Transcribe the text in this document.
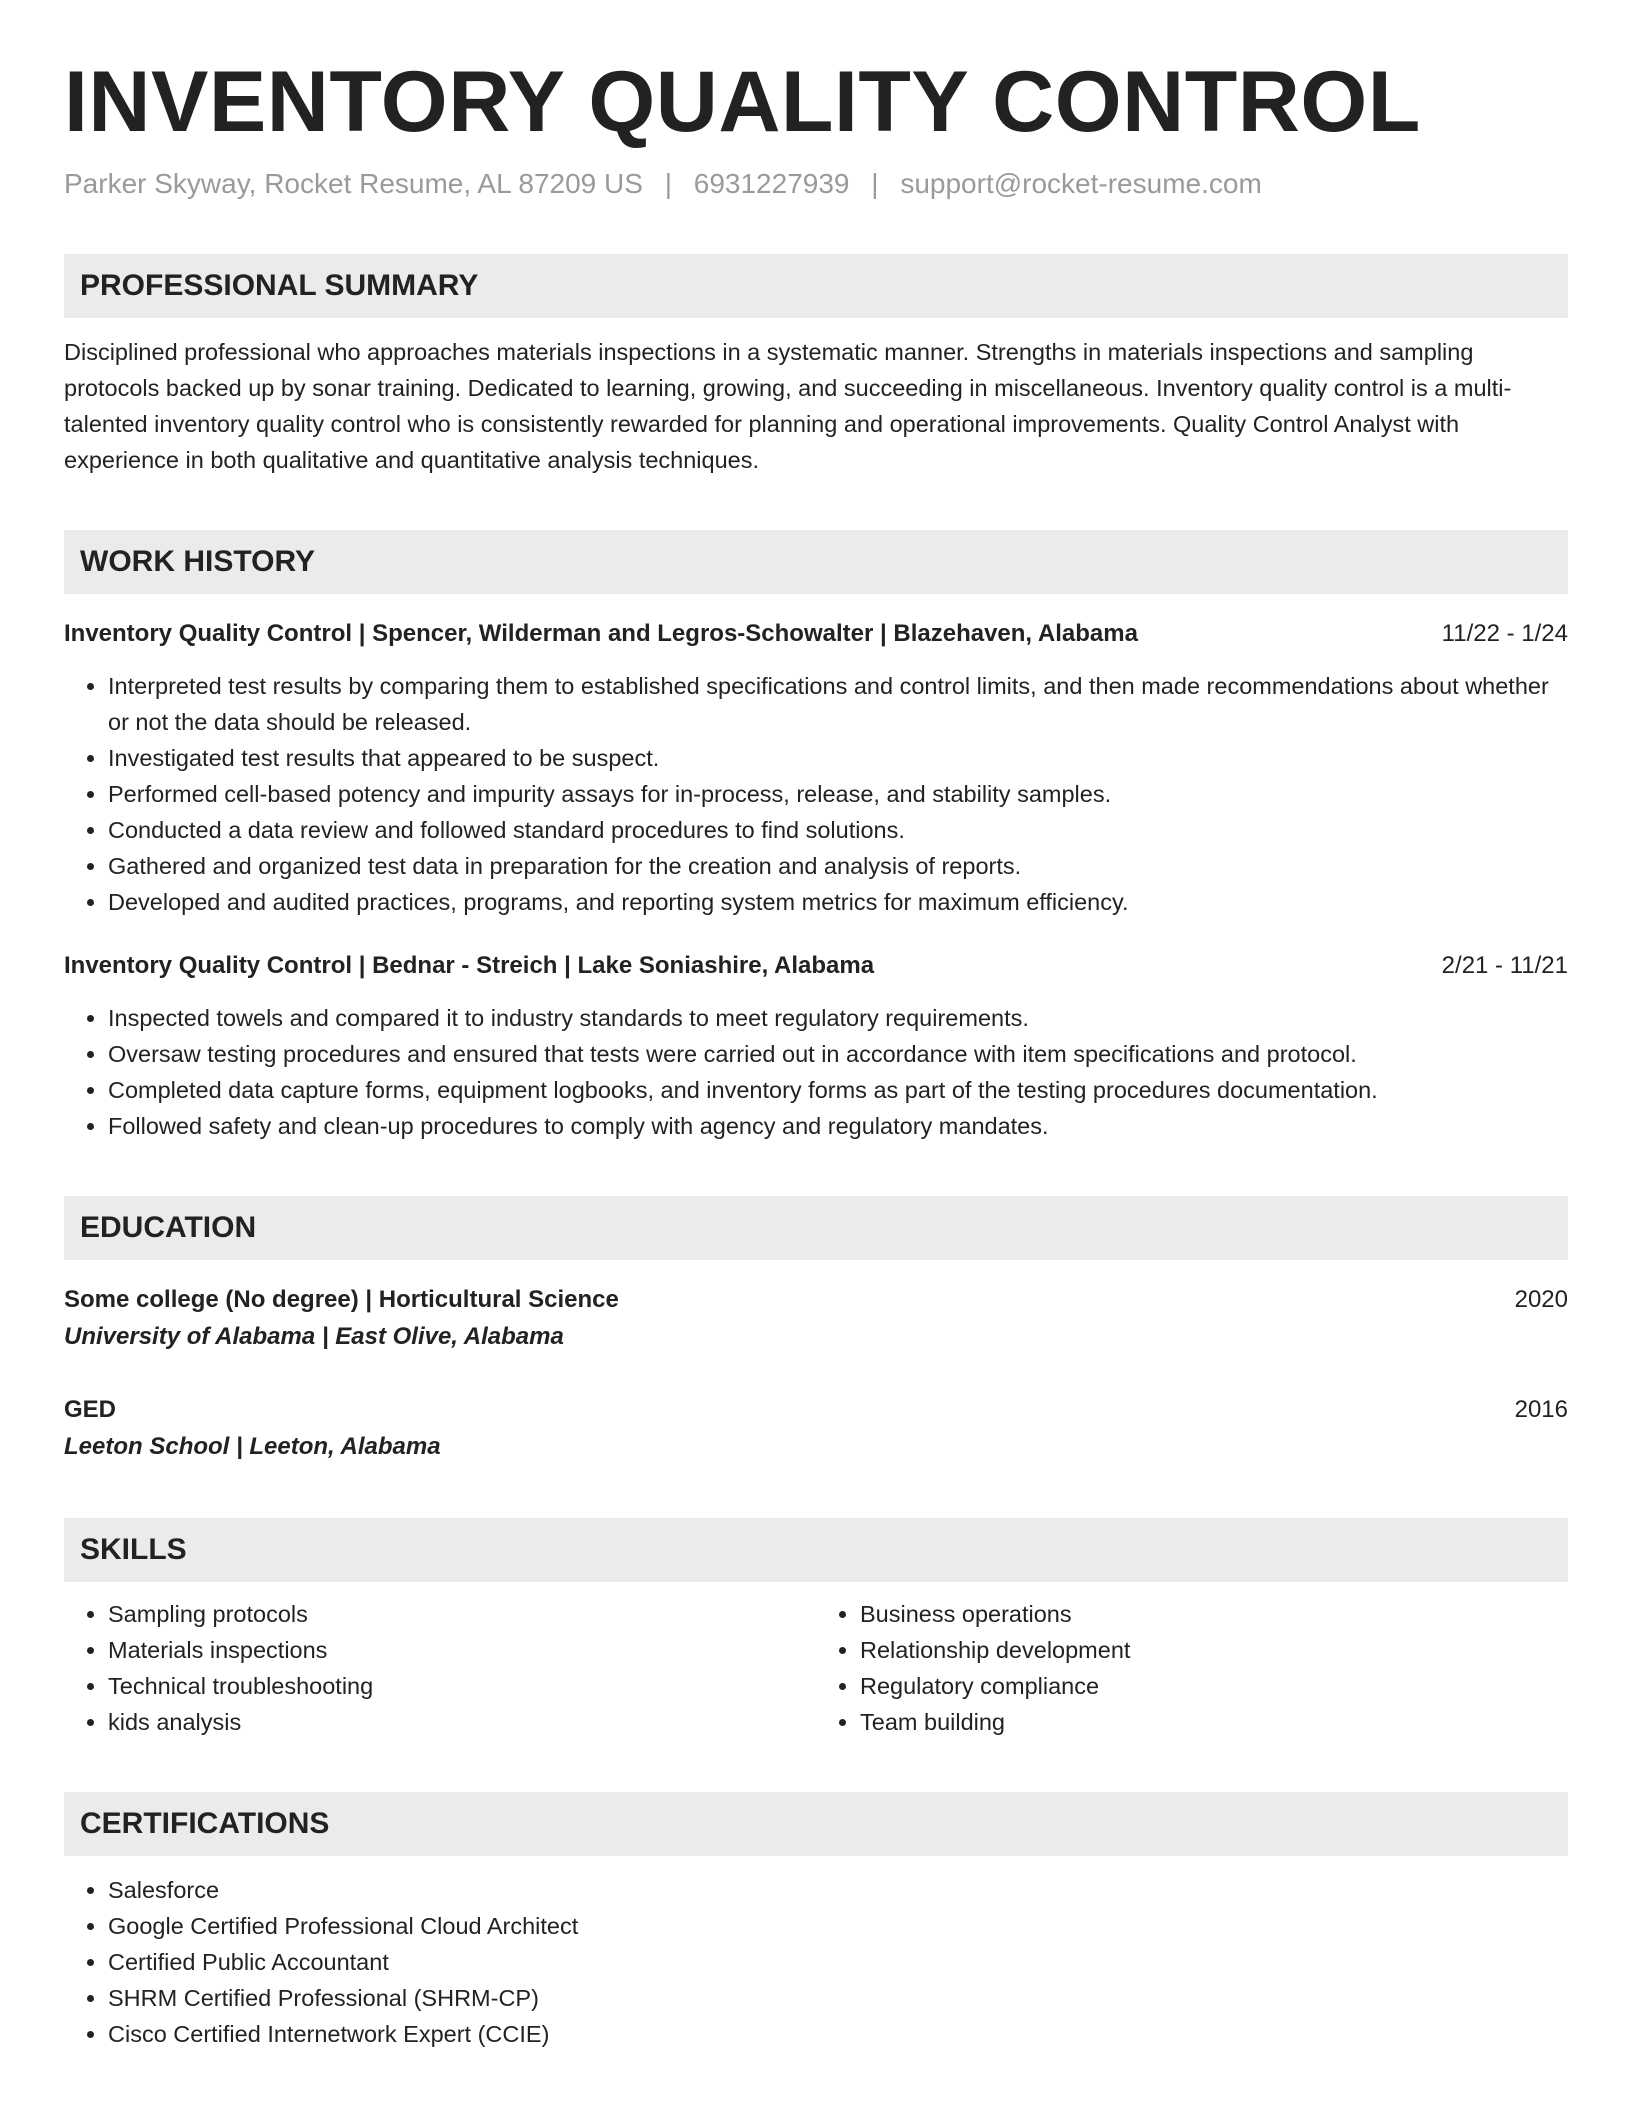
INVENTORY QUALITY CONTROL
Parker Skyway, Rocket Resume, AL 87209 US | 6931227939 | support@rocket-resume.com
PROFESSIONAL SUMMARY

Disciplined professional who approaches materials inspections in a systematic manner. Strengths in materials inspections and sampling protocols backed up by sonar training. Dedicated to learning, growing, and succeeding in miscellaneous. Inventory quality control is a multi-talented inventory quality control who is consistently rewarded for planning and operational improvements. Quality Control Analyst with experience in both qualitative and quantitative analysis techniques.

WORK HISTORY
Inventory Quality Control | Spencer, Wilderman and Legros-Schowalter | Blazehaven, Alabama	11/22 - 1/24
• Interpreted test results by comparing them to established specifications and control limits, and then made recommendations about whether or not the data should be released.
• Investigated test results that appeared to be suspect.
• Performed cell-based potency and impurity assays for in-process, release, and stability samples.
• Conducted a data review and followed standard procedures to find solutions.
• Gathered and organized test data in preparation for the creation and analysis of reports.
• Developed and audited practices, programs, and reporting system metrics for maximum efficiency.
Inventory Quality Control | Bednar - Streich | Lake Soniashire, Alabama	2/21 - 11/21
• Inspected towels and compared it to industry standards to meet regulatory requirements.
• Oversaw testing procedures and ensured that tests were carried out in accordance with item specifications and protocol.
• Completed data capture forms, equipment logbooks, and inventory forms as part of the testing procedures documentation.
• Followed safety and clean-up procedures to comply with agency and regulatory mandates.
EDUCATION
Some college (No degree) | Horticultural Science	2020
University of Alabama | East Olive, Alabama
GED	2016
Leeton School | Leeton, Alabama
SKILLS
• Sampling protocols
• Materials inspections
• Technical troubleshooting
• kids analysis
• Business operations
• Relationship development
• Regulatory compliance
• Team building
CERTIFICATIONS
• Salesforce
• Google Certified Professional Cloud Architect
• Certified Public Accountant
• SHRM Certified Professional (SHRM-CP)
• Cisco Certified Internetwork Expert (CCIE)
